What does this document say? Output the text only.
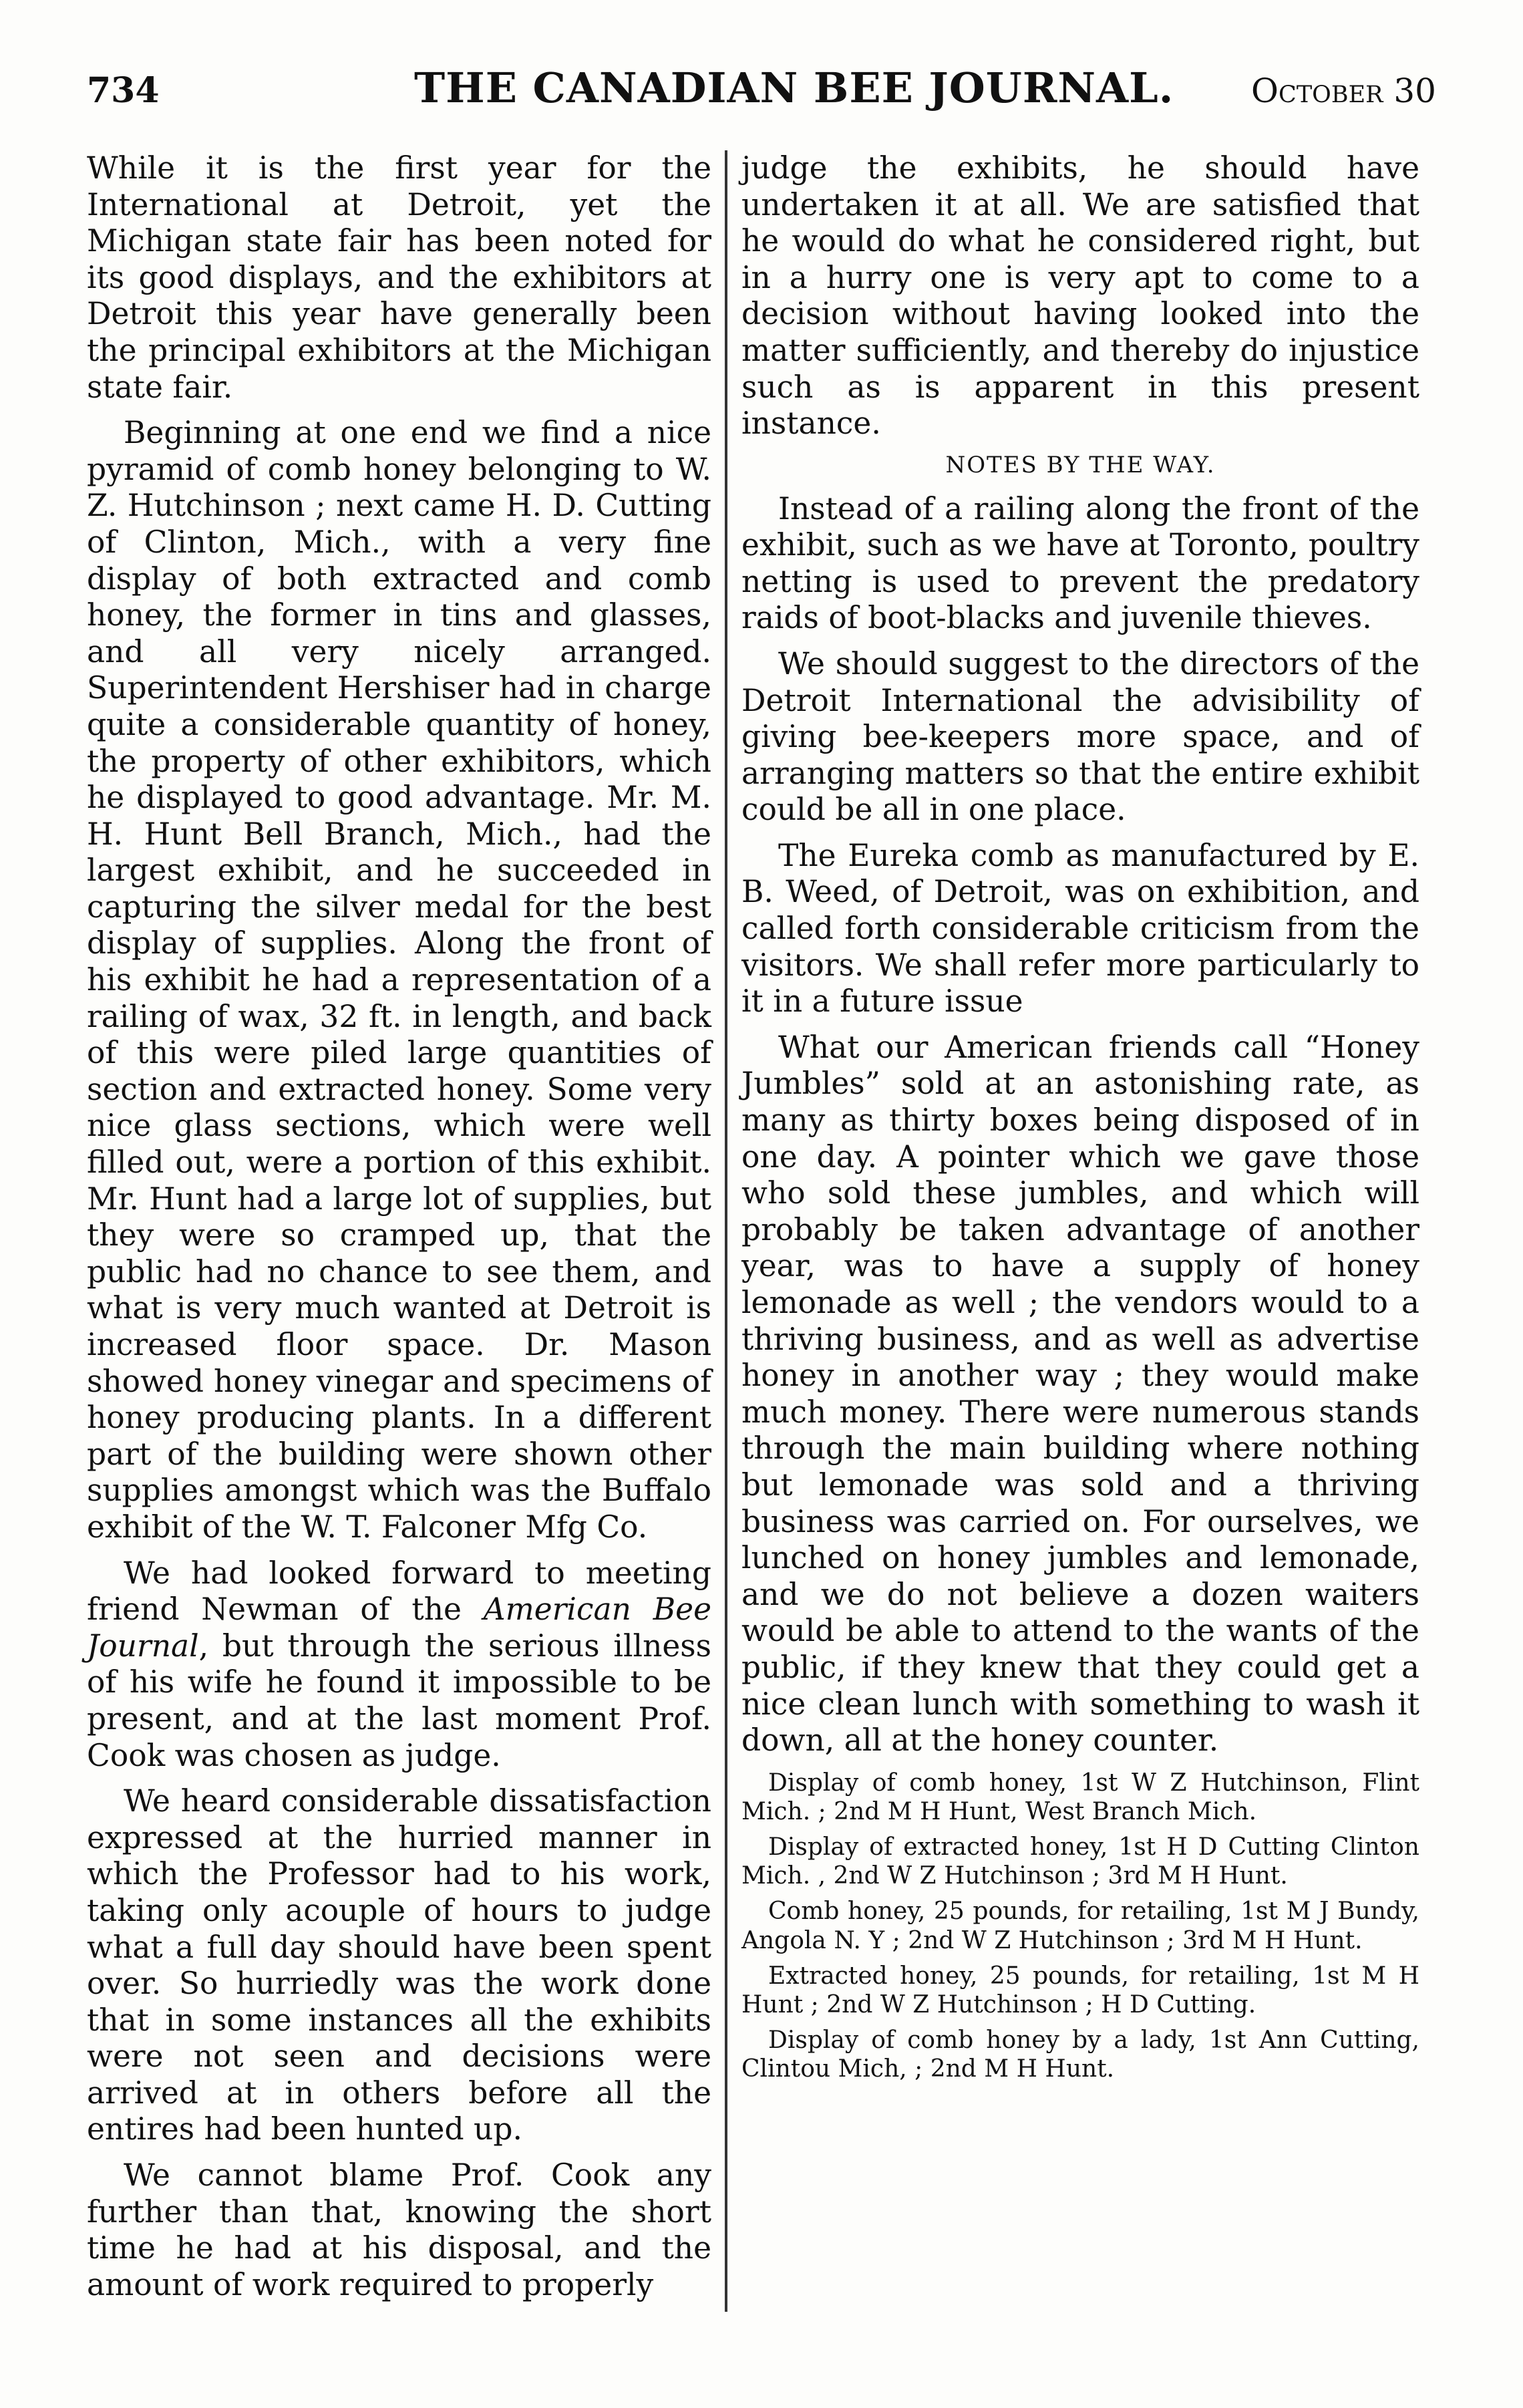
734	THE CANADIAN BEE JOURNAL. October 30

While it is the first year for the International at Detroit, yet the Michigan state fair has been noted for its good displays, and the exhibitors at Detroit this year have generally been the principal exhibitors at the Michigan state fair.

Beginning at one end we find a nice pyramid of comb honey belonging to W. Z. Hutchinson ; next came H. D. Cutting of Clinton, Mich., with a very fine display of both extracted and comb honey, the former in tins and glasses, and all very nicely arranged. Superintendent Hershiser had in charge quite a considerable quantity of honey, the property of other exhibitors, which he displayed to good advantage. Mr. M. H. Hunt Bell Branch, Mich., had the largest exhibit, and he succeeded in capturing the silver medal for the best display of supplies. Along the front of his exhibit he had a representation of a railing of wax, 32 ft. in length, and back of this were piled large quantities of section and extracted honey. Some very nice glass sections, which were well filled out, were a portion of this exhibit. Mr. Hunt had a large lot of supplies, but they were so cramped up, that the public had no chance to see them, and what is very much wanted at Detroit is increased floor space. Dr. Mason showed honey vinegar and specimens of honey producing plants. In a different part of the building were shown other supplies amongst which was the Buffalo exhibit of the W. T. Falconer Mfg Co.

We had looked forward to meeting friend Newman of the American Bee Journal, but through the serious illness of his wife he found it impossible to be present, and at the last moment Prof. Cook was chosen as judge.

We heard considerable dissatisfaction expressed at the hurried manner in which the Professor had to his work, taking only acouple of hours to judge what a full day should have been spent over. So hurriedly was the work done that in some instances all the exhibits were not seen and decisions were arrived at in others before all the entires had been hunted up.

We cannot blame Prof. Cook any further than that, knowing the short time he had at his disposal, and the amount of work required to properly

judge the exhibits, he should have undertaken it at all. We are satisfied that he would do what he considered right, but in a hurry one is very apt to come to a decision without having looked into the matter sufficiently, and thereby do injustice such as is apparent in this present instance.

NOTES BY THE WAY.

Instead of a railing along the front of the exhibit, such as we have at Toronto, poultry netting is used to prevent the predatory raids of boot-blacks and juvenile thieves.

We should suggest to the directors of the Detroit International the advisibility of giving bee-keepers more space, and of arranging matters so that the entire exhibit could be all in one place.

The Eureka comb as manufactured by E. B. Weed, of Detroit, was on exhibition, and called forth considerable criticism from the visitors. We shall refer more particularly to it in a future issue

What our American friends call “Honey Jumbles” sold at an astonishing rate, as many as thirty boxes being disposed of in one day. A pointer which we gave those who sold these jumbles, and which will probably be taken advantage of another year, was to have a supply of honey lemonade as well ; the vendors would to a thriving business, and as well as advertise honey in another way ; they would make much money. There were numerous stands through the main building where nothing but lemonade was sold and a thriving business was carried on. For ourselves, we lunched on honey jumbles and lemonade, and we do not believe a dozen waiters would be able to attend to the wants of the public, if they knew that they could get a nice clean lunch with something to wash it down, all at the honey counter.

Display of comb honey, 1st W Z Hutchinson, Flint Mich. ; 2nd M H Hunt, West Branch Mich.

Display of extracted honey, 1st H D Cutting Clinton Mich. , 2nd W Z Hutchinson ; 3rd M H Hunt.

Comb honey, 25 pounds, for retailing, 1st M J Bundy, Angola N. Y ; 2nd W Z Hutchinson ; 3rd M H Hunt.

Extracted honey, 25 pounds, for retailing, 1st M H Hunt ; 2nd W Z Hutchinson ; H D Cutting.

Display of comb honey by a lady, 1st Ann Cutting, Clintou Mich, ; 2nd M H Hunt.
